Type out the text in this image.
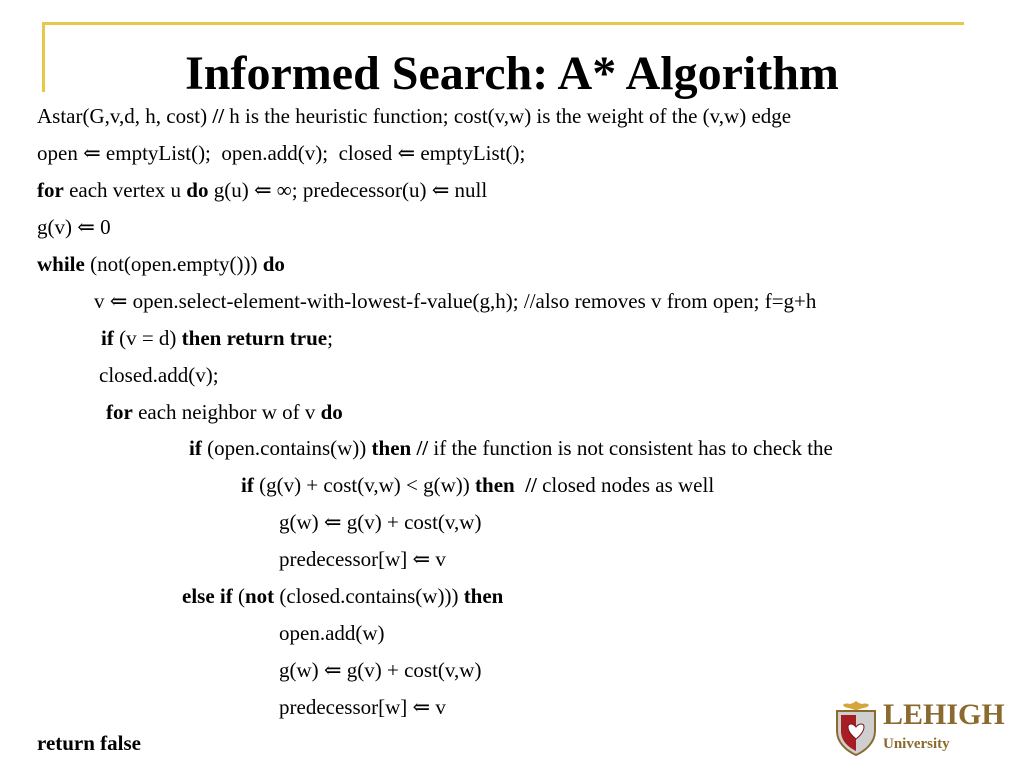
Informed Search: A* Algorithm
Astar(G,v,d, h, cost) // h is the heuristic function; cost(v,w) is the weight of the (v,w) edge
open ⇐ emptyList();  open.add(v);  closed ⇐ emptyList();
for each vertex u do g(u) ⇐ ∞; predecessor(u) ⇐ null
g(v) ⇐ 0
while (not(open.empty())) do
v ⇐ open.select-element-with-lowest-f-value(g,h); //also removes v from open; f=g+h
if (v = d) then return true;
closed.add(v);
for each neighbor w of v do
if (open.contains(w)) then // if the function is not consistent has to check the
if (g(v) + cost(v,w) < g(w)) then  // closed nodes as well
g(w) ⇐ g(v) + cost(v,w)
predecessor[w] ⇐ v
else if (not (closed.contains(w))) then
open.add(w)
g(w) ⇐ g(v) + cost(v,w)
predecessor[w] ⇐ v
return false
LEHIGH
University
